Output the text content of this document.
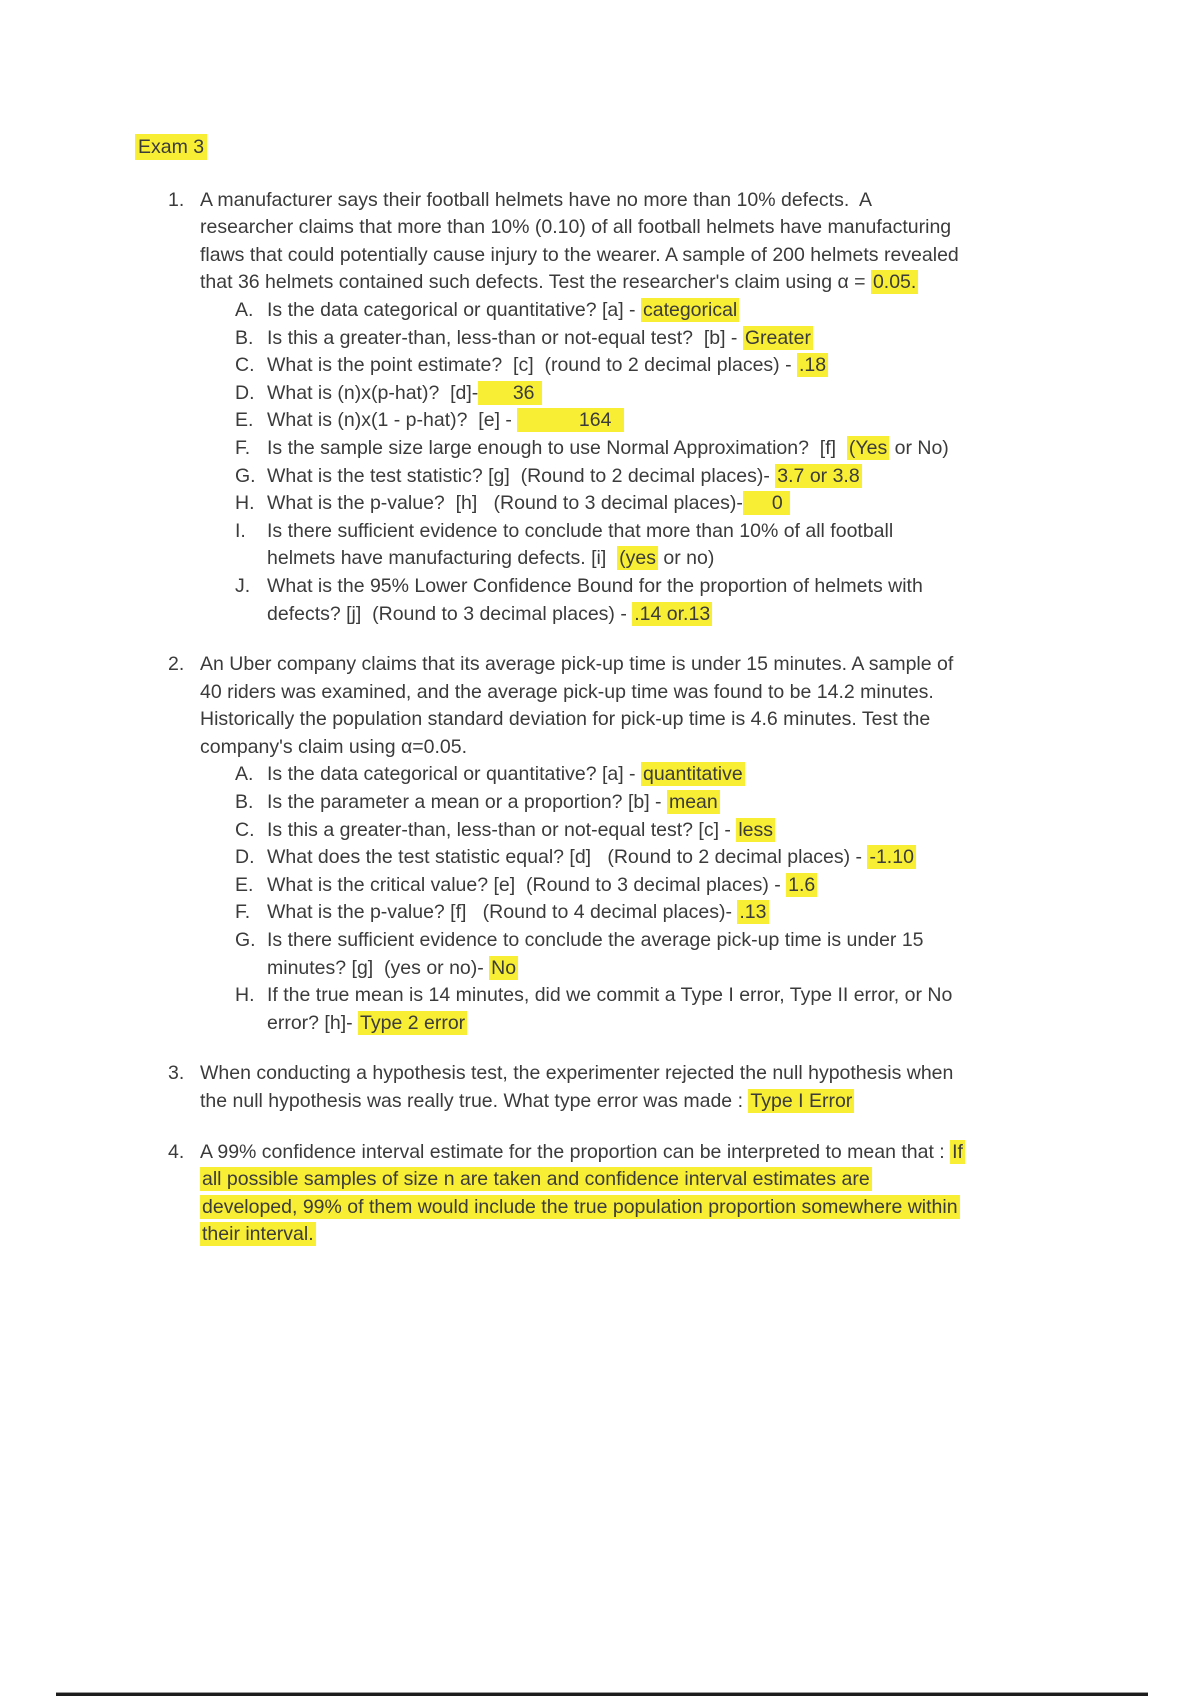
Exam 3
1. A manufacturer says their football helmets have no more than 10% defects.  A
researcher claims that more than 10% (0.10) of all football helmets have manufacturing
flaws that could potentially cause injury to the wearer. A sample of 200 helmets revealed
that 36 helmets contained such defects. Test the researcher's claim using α = 0.05.
A. Is the data categorical or quantitative? [a] - categorical
B. Is this a greater-than, less-than or not-equal test?  [b] - Greater
C. What is the point estimate?  [c]  (round to 2 decimal places) - .18
D. What is (n)x(p-hat)?  [d]-      36
E. What is (n)x(1 - p-hat)?  [e] -            164
F. Is the sample size large enough to use Normal Approximation?  [f]  (Yes or No)
G. What is the test statistic? [g]  (Round to 2 decimal places)- 3.7 or 3.8
H. What is the p-value?  [h]   (Round to 3 decimal places)-     0
I.	Is there sufficient evidence to conclude that more than 10% of all football
helmets have manufacturing defects. [i]  (yes or no)
J. What is the 95% Lower Confidence Bound for the proportion of helmets with
defects? [j]  (Round to 3 decimal places) - .14 or.13
2. An Uber company claims that its average pick-up time is under 15 minutes. A sample of
40 riders was examined, and the average pick-up time was found to be 14.2 minutes.
Historically the population standard deviation for pick-up time is 4.6 minutes. Test the
company's claim using α=0.05.
A. Is the data categorical or quantitative? [a] - quantitative
B. Is the parameter a mean or a proportion? [b] - mean
C. Is this a greater-than, less-than or not-equal test? [c] - less
D. What does the test statistic equal? [d]   (Round to 2 decimal places) - -1.10
E. What is the critical value? [e]  (Round to 3 decimal places) - 1.6
F. What is the p-value? [f]   (Round to 4 decimal places)- .13
G. Is there sufficient evidence to conclude the average pick-up time is under 15
minutes? [g]  (yes or no)- No
H. If the true mean is 14 minutes, did we commit a Type I error, Type II error, or No
error? [h]- Type 2 error
3. When conducting a hypothesis test, the experimenter rejected the null hypothesis when
the null hypothesis was really true. What type error was made : Type I Error
4. A 99% confidence interval estimate for the proportion can be interpreted to mean that : If
all possible samples of size n are taken and confidence interval estimates are
developed, 99% of them would include the true population proportion somewhere within
their interval.
